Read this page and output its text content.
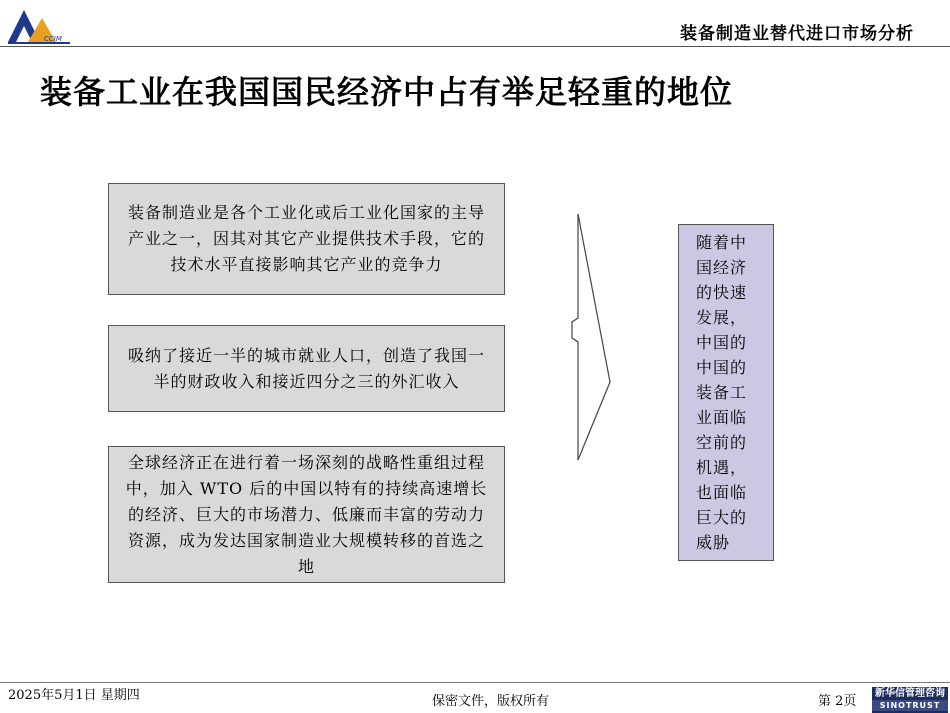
CCIM	装备制造业替代进口市场分析
装备工业在我国国民经济中占有举足轻重的地位
装备制造业是各个工业化或后工业化国家的主导产业之一，因其对其它产业提供技术手段，它的技术水平直接影响其它产业的竞争力
吸纳了接近一半的城市就业人口，创造了我国一半的财政收入和接近四分之三的外汇收入
全球经济正在进行着一场深刻的战略性重组过程中，加入 WTO 后的中国以特有的持续高速增长的经济、巨大的市场潜力、低廉而丰富的劳动力资源，成为发达国家制造业大规模转移的首选之地
随着中国经济的快速发展，中国的中国的装备工业面临空前的机遇，也面临巨大的威胁
2025年5月1日 星期四	保密文件，版权所有	第 2页
新华信管理咨询
SINOTRUST
